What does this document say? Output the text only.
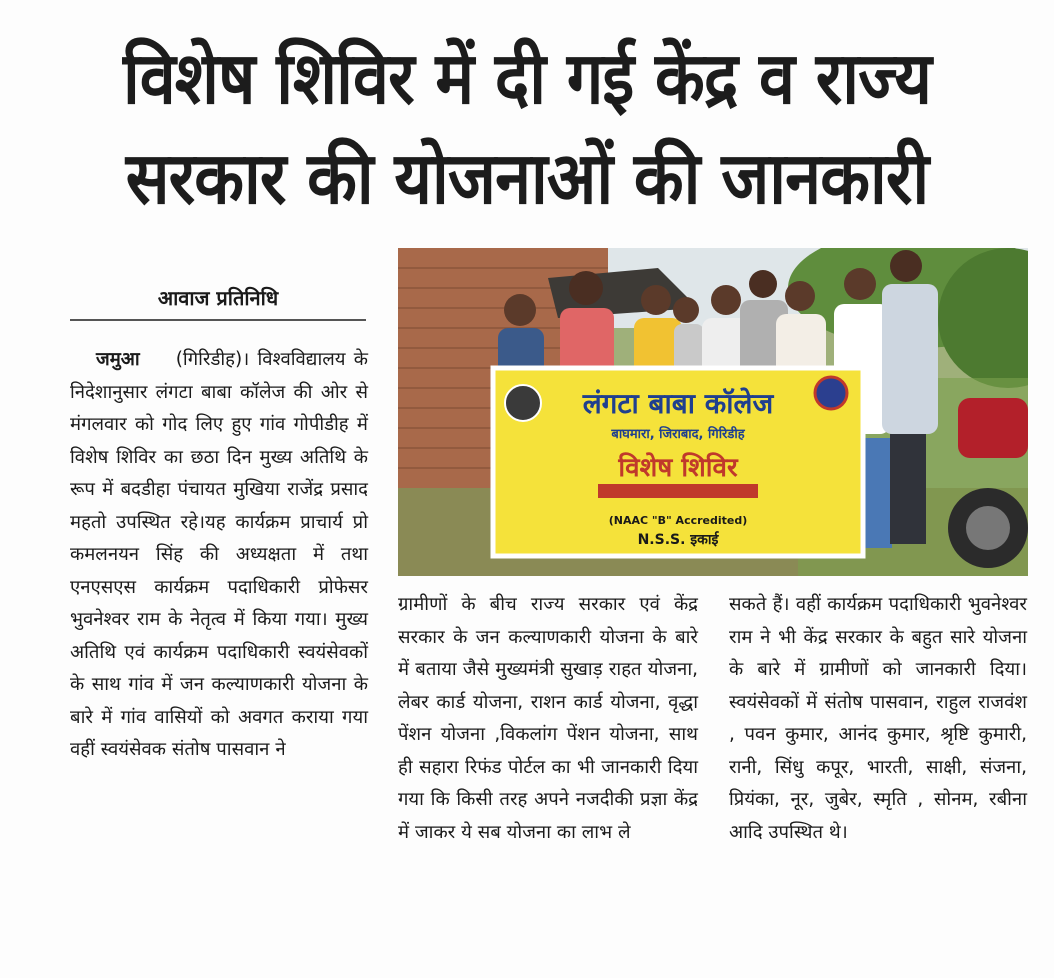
विशेष शिविर में दी गई केंद्र व राज्य
सरकार की योजनाओं की जानकारी
आवाज प्रतिनिधि

जमुआ (गिरिडीह)। विश्वविद्यालय के निदेशानुसार लंगटा बाबा कॉलेज की ओर से मंगलवार को गोद लिए हुए गांव गोपीडीह में विशेष शिविर का छठा दिन मुख्य अतिथि के रूप में बदडीहा पंचायत मुखिया राजेंद्र प्रसाद महतो उपस्थित रहे।यह कार्यक्रम प्राचार्य प्रो कमलनयन सिंह की अध्यक्षता में तथा एनएसएस कार्यक्रम पदाधिकारी प्रोफेसर भुवनेश्वर राम के नेतृत्व में किया गया। मुख्य अतिथि एवं कार्यक्रम पदाधिकारी स्वयंसेवकों के साथ गांव में जन कल्याणकारी योजना के बारे में गांव वासियों को अवगत कराया गया वहीं स्वयंसेवक संतोष पासवान ने

लंगटा बाबा कॉलेज
बाघमारा, जिराबाद, गिरिडीह
विशेष शिविर
(NAAC "B" Accredited)
N.S.S. इकाई

ग्रामीणों के बीच राज्य सरकार एवं केंद्र सरकार के जन कल्याणकारी योजना के बारे में बताया जैसे मुख्यमंत्री सुखाड़ राहत योजना, लेबर कार्ड योजना, राशन कार्ड योजना, वृद्धा पेंशन योजना ,विकलांग पेंशन योजना, साथ ही सहारा रिफंड पोर्टल का भी जानकारी दिया गया कि किसी तरह अपने नजदीकी प्रज्ञा केंद्र में जाकर ये सब योजना का लाभ ले

सकते हैं। वहीं कार्यक्रम पदाधिकारी भुवनेश्वर राम ने भी केंद्र सरकार के बहुत सारे योजना के बारे में ग्रामीणों को जानकारी दिया। स्वयंसेवकों में संतोष पासवान, राहुल राजवंश , पवन कुमार, आनंद कुमार, श्रृष्टि कुमारी, रानी, सिंधु कपूर, भारती, साक्षी, संजना, प्रियंका, नूर, जुबेर, स्मृति , सोनम, रबीना आदि उपस्थित थे।
